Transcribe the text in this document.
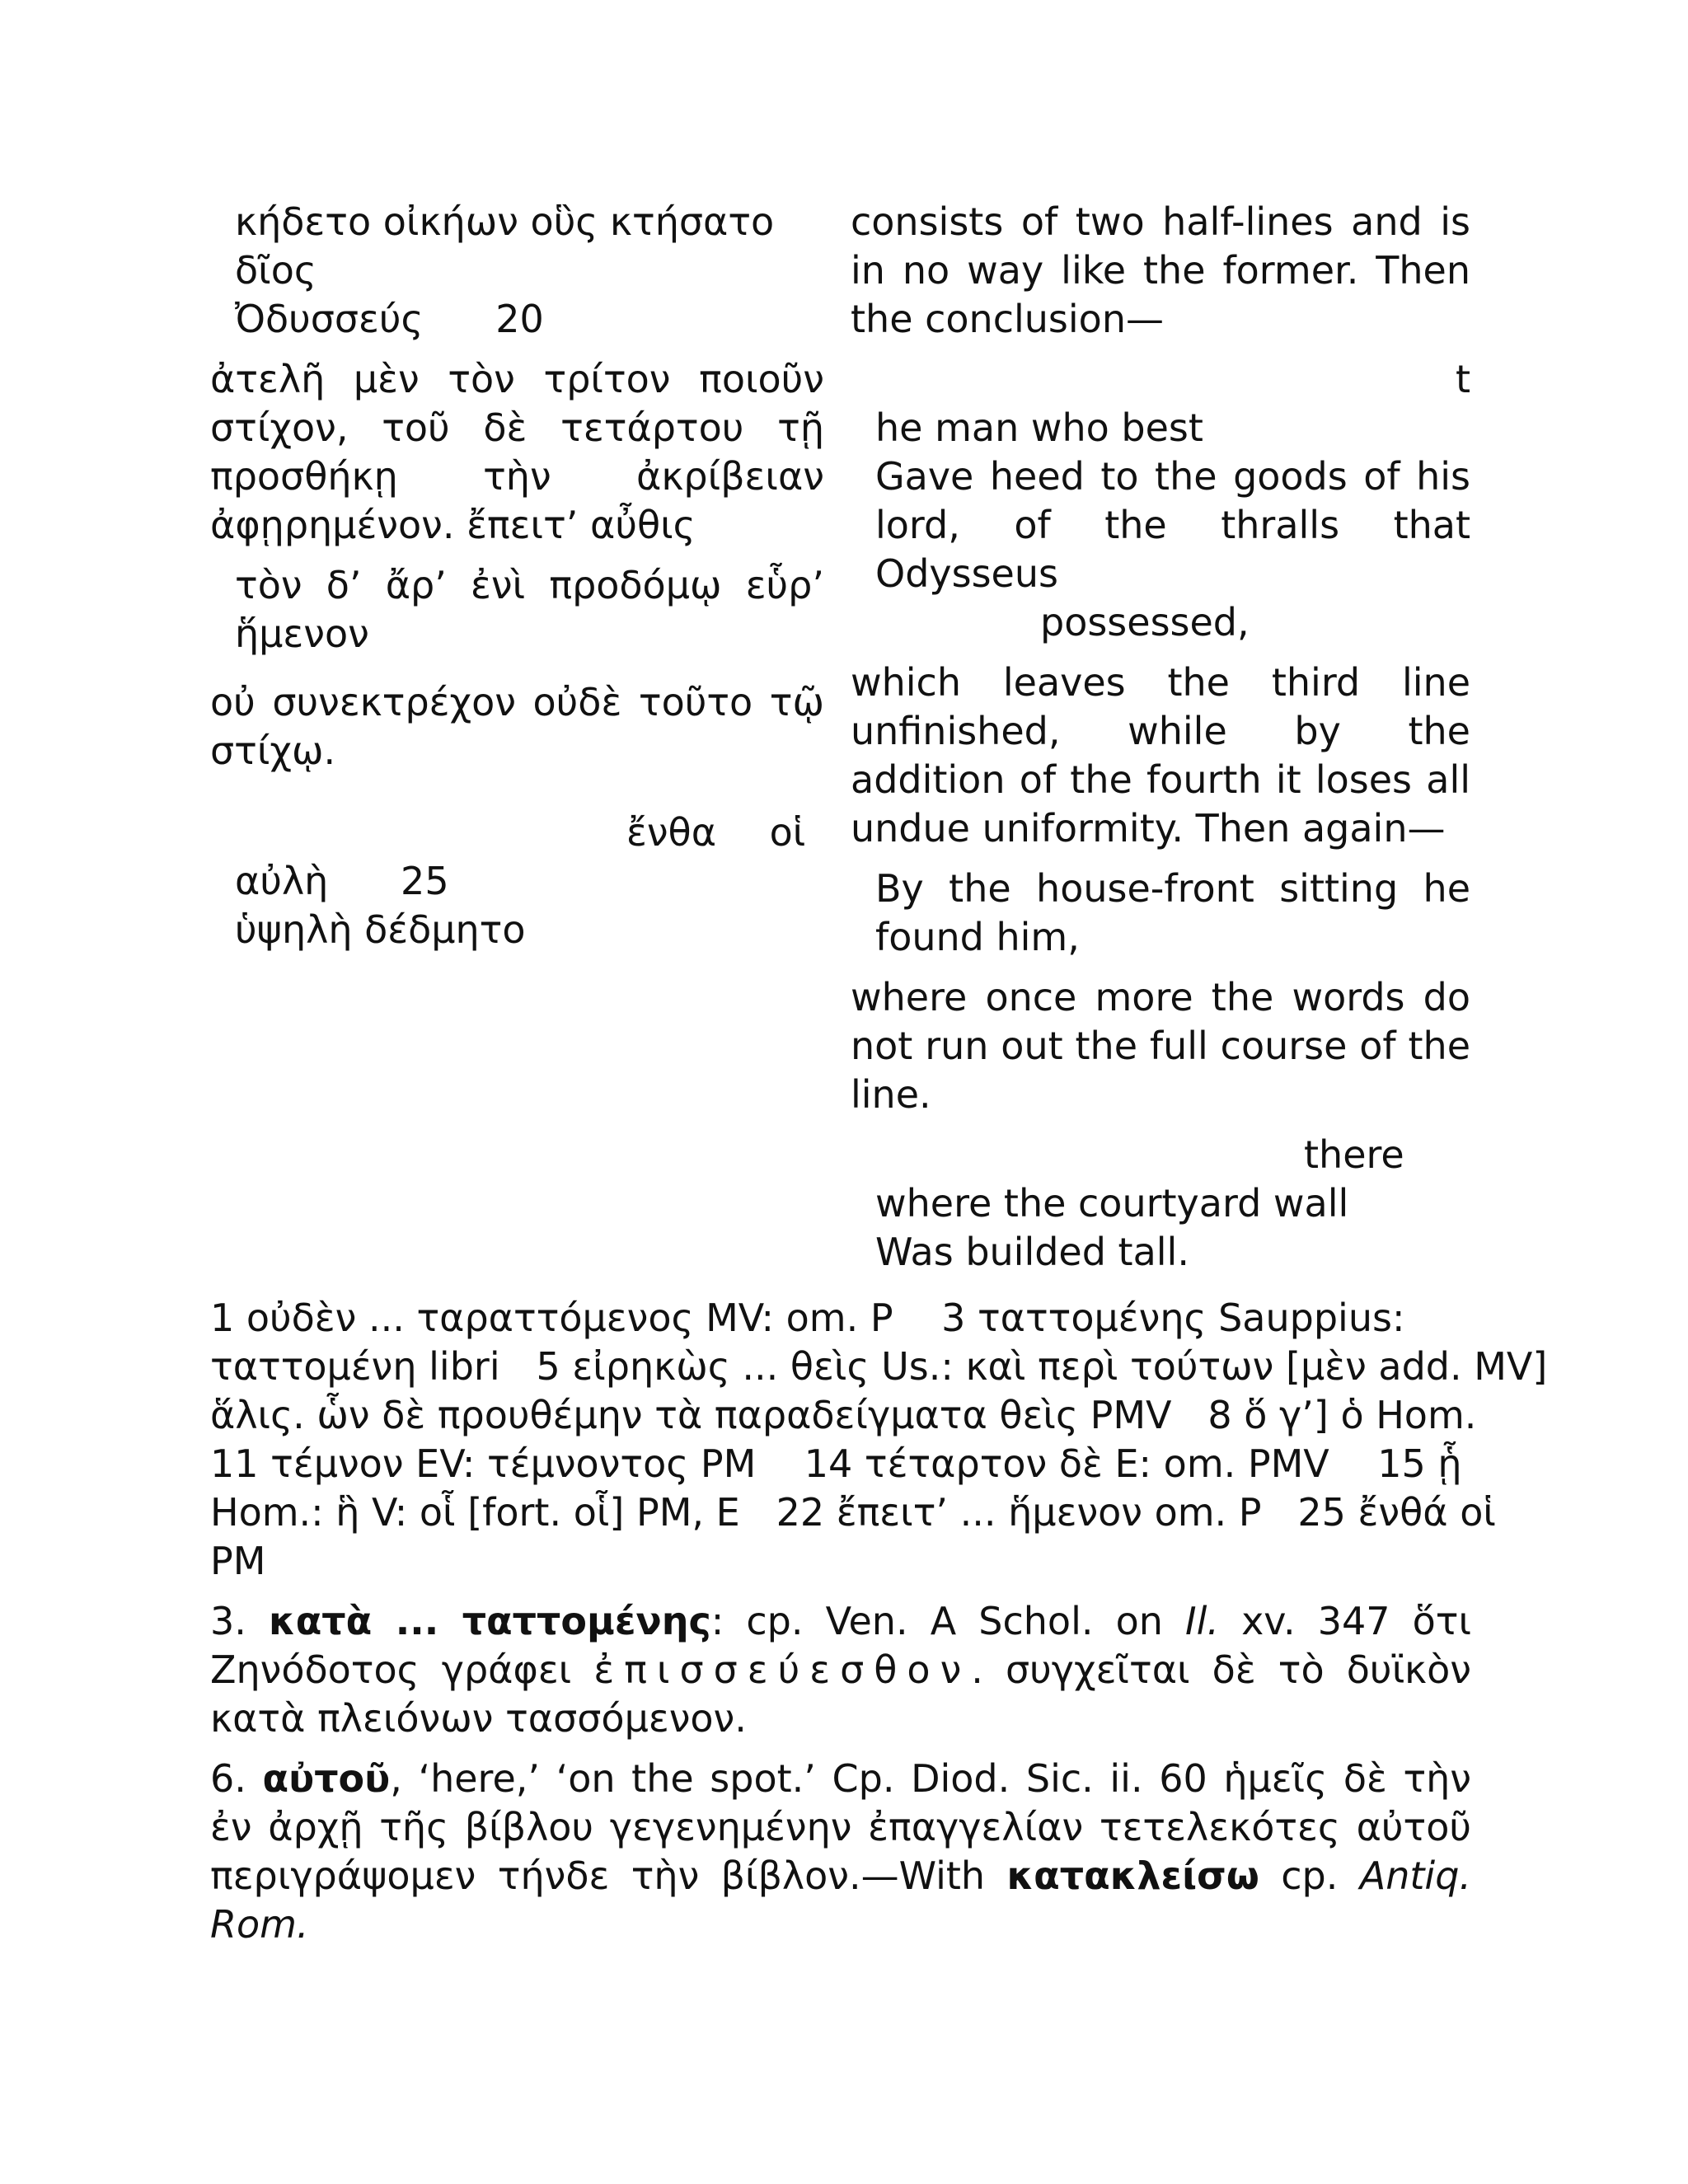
κήδετο οἰκήων οὓς κτήσατο δῖος
Ὀδυσσεύς      20

ἀτελῆ μὲν τὸν τρίτον ποιοῦν στίχον, τοῦ δὲ τετάρτου τῇ προσθήκῃ τὴν ἀκρίβειαν ἀφῃρημένον. ἔπειτ’ αὖθις

τὸν δ’ ἄρ’ ἐνὶ προδόμῳ εὗρ’ ἥμενον

οὐ συνεκτρέχον οὐδὲ τοῦτο τῷ στίχῳ.

ἔνθα οἱ
αὐλὴ      25
ὑψηλὴ δέδμητο

consists of two half-lines and is in no way like the former. Then the conclusion—

t
he man who best
Gave heed to the goods of his lord, of the thralls that Odysseus
possessed,

which leaves the third line unfinished, while by the addition of the fourth it loses all undue uniformity. Then again—

By the house-front sitting he found him,

where once more the words do not run out the full course of the line.

there
where the courtyard wall
Was builded tall.
1 οὐδὲν ... ταραττόμενος MV: om. P    3 ταττομένης Sauppius:
ταττομένη libri   5 εἰρηκὼς ... θεὶς Us.: καὶ περὶ τούτων [μὲν add. MV]
ἅλις. ὧν δὲ προυθέμην τὰ παραδείγματα θεὶς PMV   8 ὅ γ’] ὁ Hom.
11 τέμνον EV: τέμνοντος PM    14 τέταρτον δὲ E: om. PMV    15 ᾗ
Hom.: ἣ V: οἷ [fort. οἷ] PM, E   22 ἔπειτ’ ... ἥμενον om. P   25 ἔνθά οἱ
PM

3. κατὰ ... ταττομένης: cp. Ven. A Schol. on Il. xv. 347 ὅτι Ζηνόδοτος γράφει ἐπισσεύεσθον. συγχεῖται δὲ τὸ δυϊκὸν κατὰ πλειόνων τασσόμενον.

6. αὐτοῦ, ‘here,’ ‘on the spot.’ Cp. Diod. Sic. ii. 60 ἡμεῖς δὲ τὴν ἐν ἀρχῇ τῆς βίβλου γεγενημένην ἐπαγγελίαν τετελεκότες αὐτοῦ περιγράψομεν τήνδε τὴν βίβλον.—With κατακλείσω cp. Antiq. Rom.
